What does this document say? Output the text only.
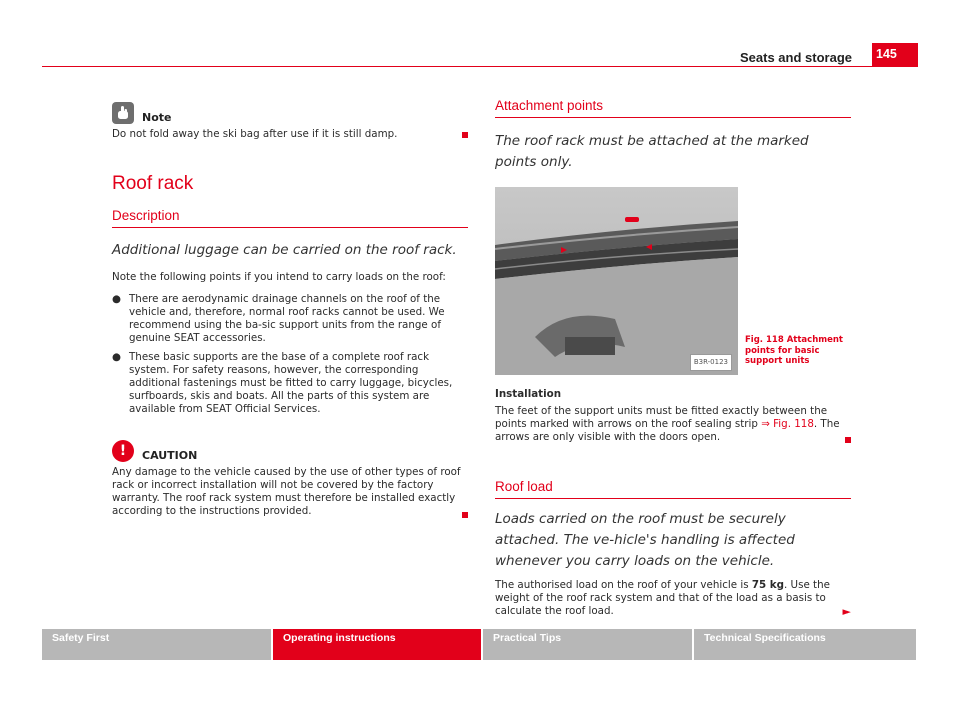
Seats and storage	145
Note

Do not fold away the ski bag after use if it is still damp.

Roof rack
Description

Additional luggage can be carried on the roof rack.

Note the following points if you intend to carry loads on the roof:

● There are aerodynamic drainage channels on the roof of the vehicle and, therefore, normal roof racks cannot be used. We recommend using the ba-sic support units from the range of genuine SEAT accessories.

● These basic supports are the base of a complete roof rack system. For safety reasons, however, the corresponding additional fastenings must be fitted to carry luggage, bicycles, surfboards, skis and boats. All the parts of this system are available from SEAT Official Services.

!	CAUTION

Any damage to the vehicle caused by the use of other types of roof rack or incorrect installation will not be covered by the factory warranty. The roof rack system must therefore be installed exactly according to the instructions provided.

Attachment points

The roof rack must be attached at the marked points only.

B3R-0123
Fig. 118 Attachment points for basic support units

Installation

The feet of the support units must be fitted exactly between the points marked with arrows on the roof sealing strip ⇒ Fig. 118. The arrows are only visible with the doors open.

Roof load

Loads carried on the roof must be securely attached. The ve-hicle's handling is affected whenever you carry loads on the vehicle.

The authorised load on the roof of your vehicle is 75 kg. Use the weight of the roof rack system and that of the load as a basis to calculate the roof load.	►
Safety First	Operating instructions	Practical Tips	Technical Specifications
